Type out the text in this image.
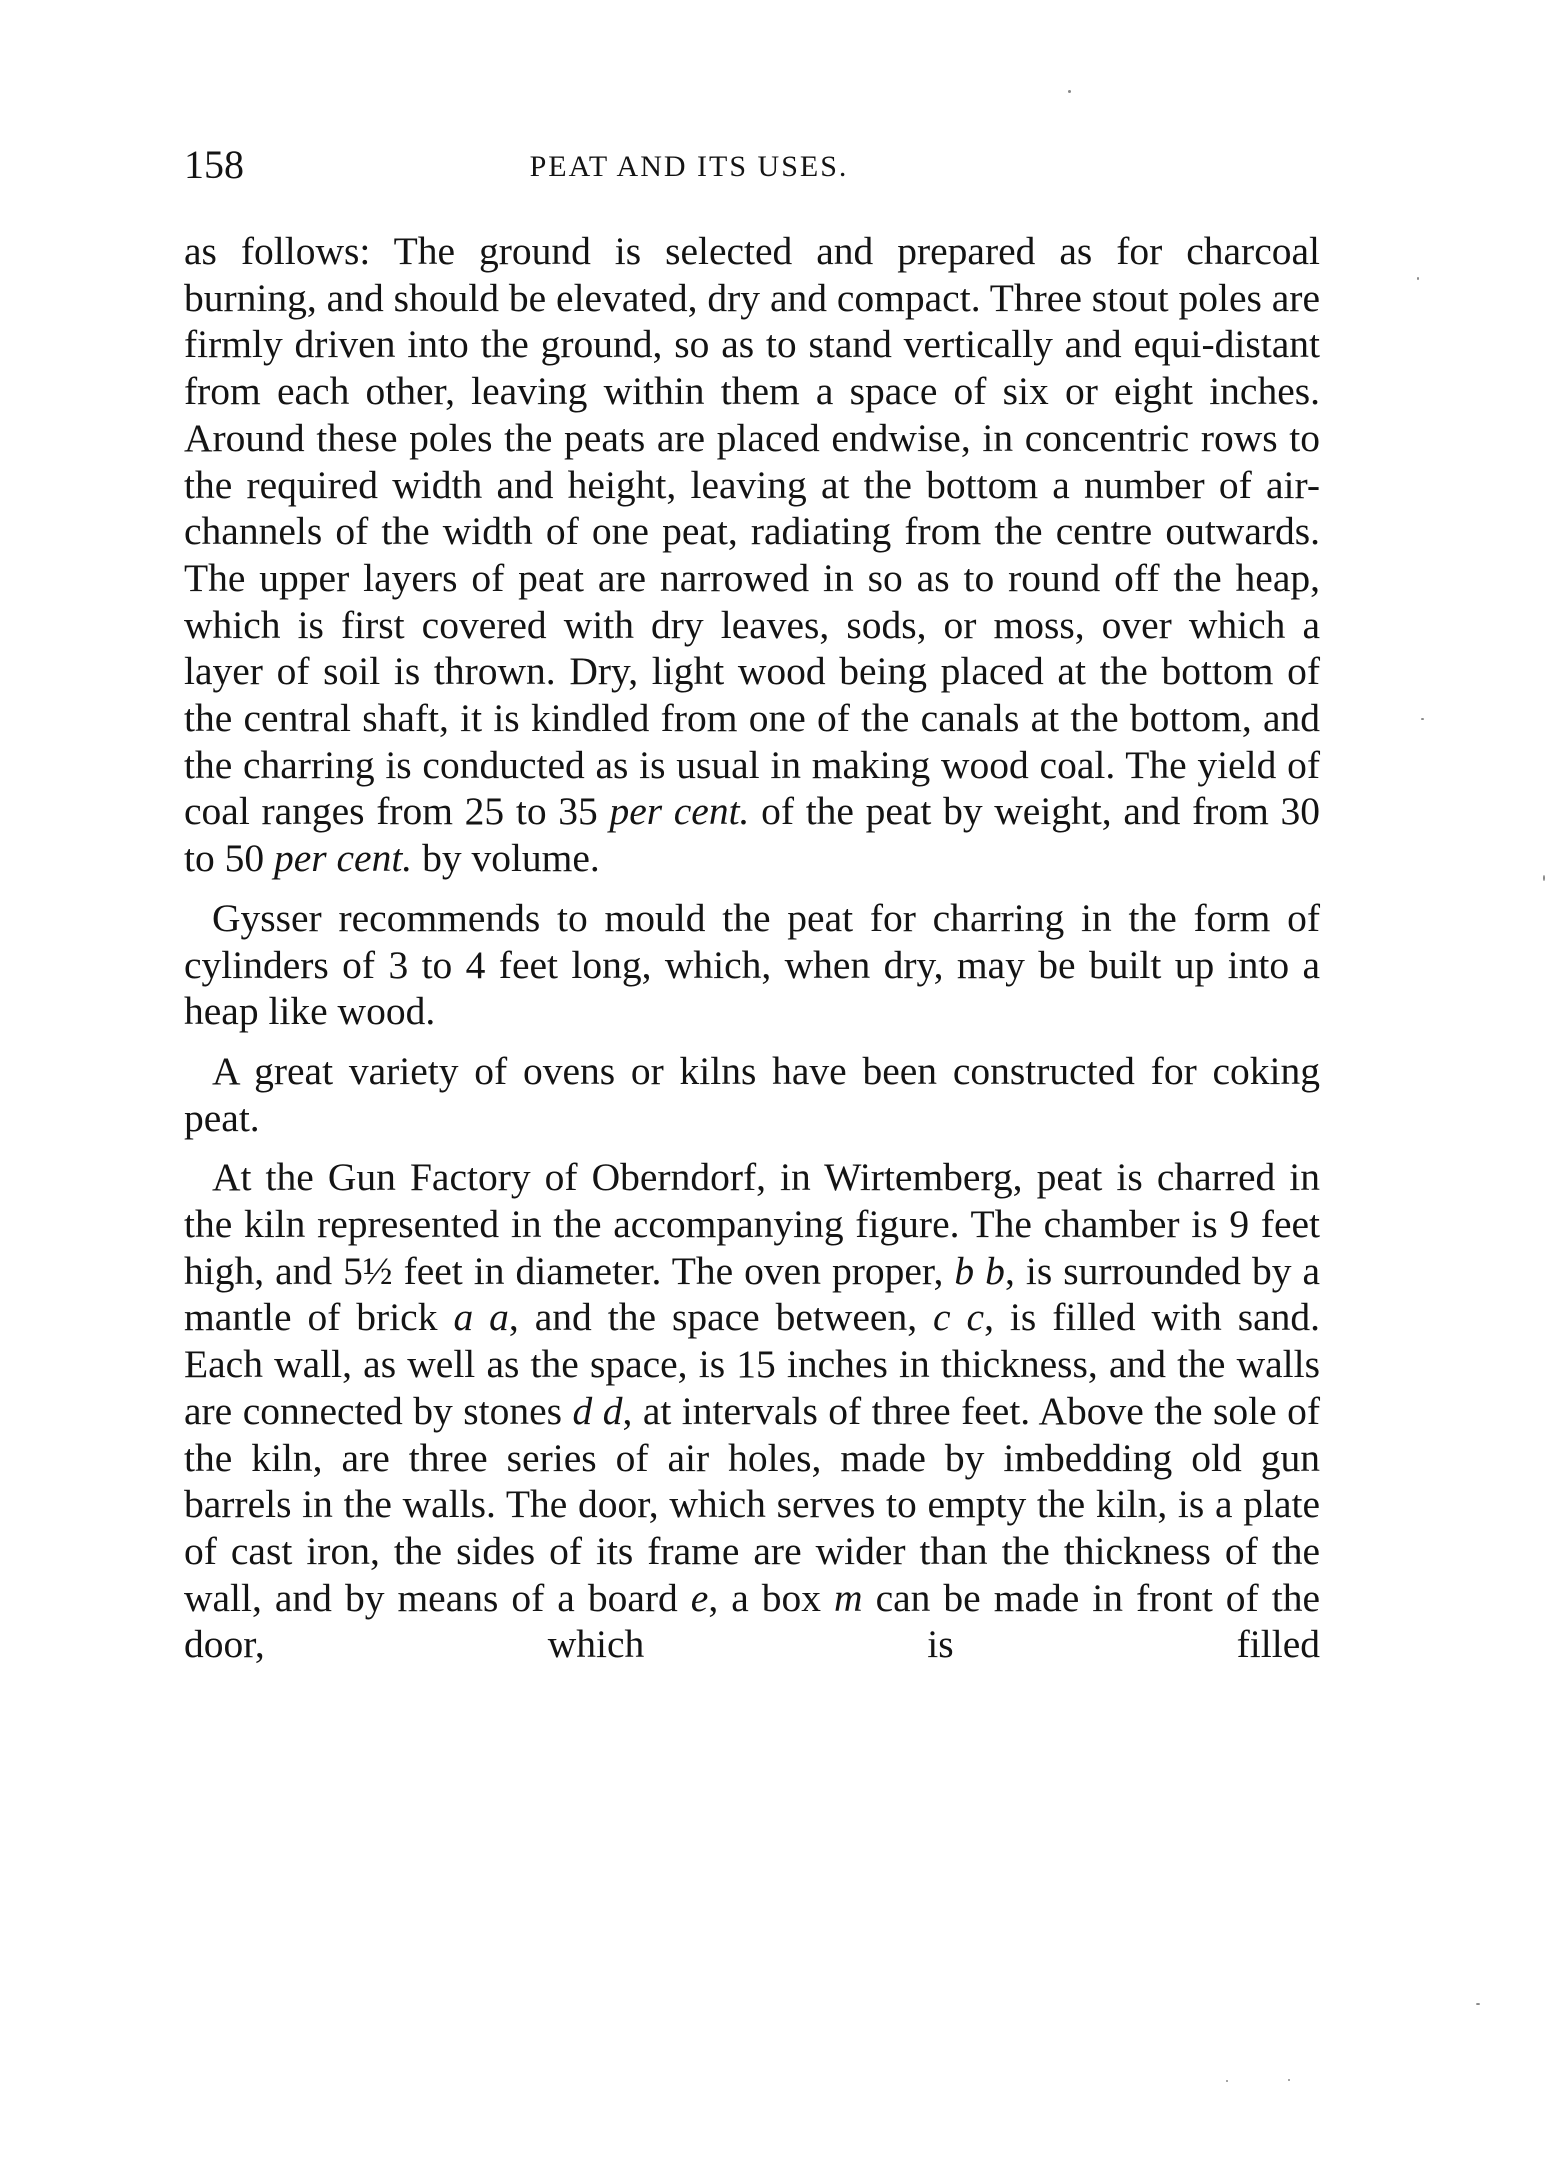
158	PEAT AND ITS USES.

as follows: The ground is selected and prepared as for charcoal burning, and should be elevated, dry and compact. Three stout poles are firmly driven into the ground, so as to stand vertically and equi-distant from each other, leaving within them a space of six or eight inches. Around these poles the peats are placed endwise, in concentric rows to the required width and height, leaving at the bottom a number of air-channels of the width of one peat, radiating from the centre outwards. The upper layers of peat are narrowed in so as to round off the heap, which is first covered with dry leaves, sods, or moss, over which a layer of soil is thrown. Dry, light wood being placed at the bottom of the central shaft, it is kindled from one of the canals at the bottom, and the charring is conducted as is usual in making wood coal. The yield of coal ranges from 25 to 35 per cent. of the peat by weight, and from 30 to 50 per cent. by volume.

Gysser recommends to mould the peat for charring in the form of cylinders of 3 to 4 feet long, which, when dry, may be built up into a heap like wood.

A great variety of ovens or kilns have been constructed for coking peat.

At the Gun Factory of Oberndorf, in Wirtemberg, peat is charred in the kiln represented in the accompanying figure. The chamber is 9 feet high, and 5½ feet in diameter. The oven proper, b b, is surrounded by a mantle of brick a a, and the space between, c c, is filled with sand. Each wall, as well as the space, is 15 inches in thickness, and the walls are connected by stones d d, at intervals of three feet. Above the sole of the kiln, are three series of air holes, made by imbedding old gun barrels in the walls. The door, which serves to empty the kiln, is a plate of cast iron, the sides of its frame are wider than the thickness of the wall, and by means of a board e, a box m can be made in front of the door, which is filled
